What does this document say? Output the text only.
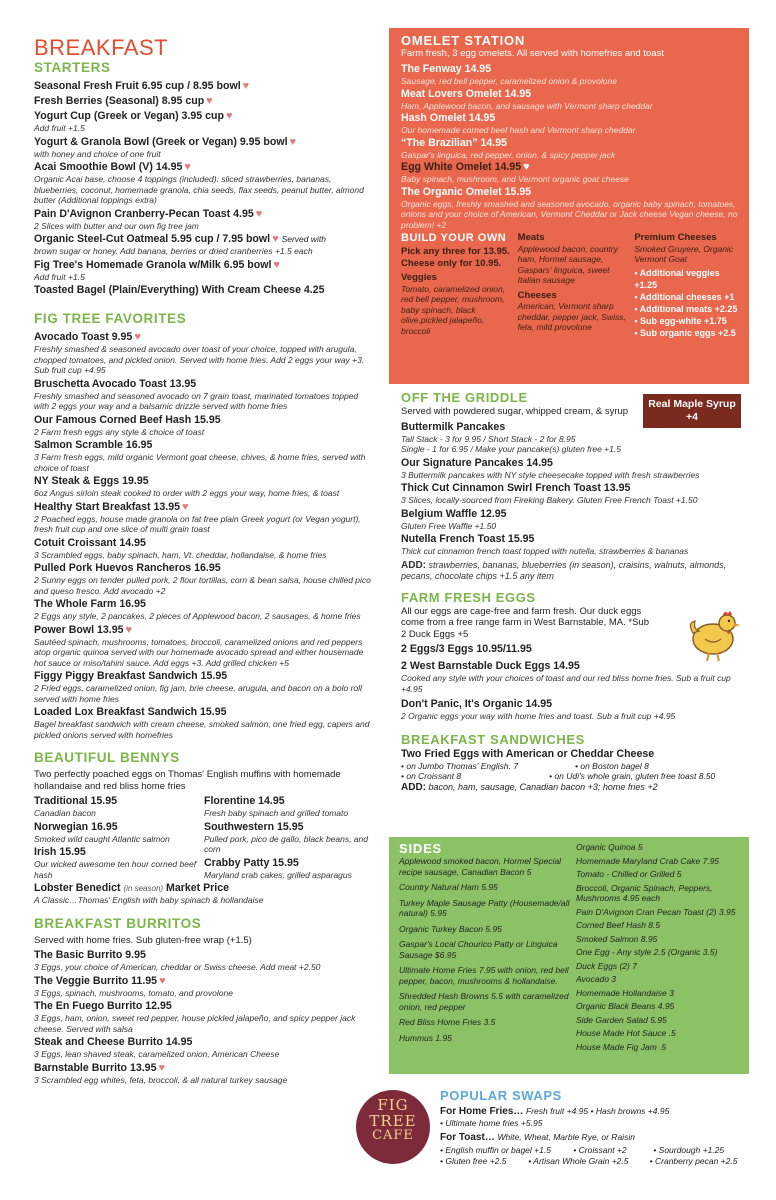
BREAKFAST
STARTERS
Seasonal Fresh Fruit 6.95 cup / 8.95 bowl♥
Fresh Berries (Seasonal) 8.95 cup♥
Yogurt Cup (Greek or Vegan) 3.95 cup♥
Add fruit +1.5
Yogurt & Granola Bowl (Greek or Vegan) 9.95 bowl♥
with honey and choice of one fruit
Acai Smoothie Bowl (V) 14.95♥
Organic Acai base, choose 4 toppings (included): sliced strawberries, bananas, blueberries, coconut, homemade granola, chia seeds, flax seeds, peanut butter, almond butter (Additional toppings extra)
Pain D'Avignon Cranberry-Pecan Toast 4.95♥
2 Slices with butter and our own fig tree jam
Organic Steel-Cut Oatmeal 5.95 cup / 7.95 bowl♥ Served with
brown sugar or honey. Add banana, berries or dried cranberries +1.5 each
Fig Tree's Homemade Granola w/Milk 6.95 bowl♥
Add fruit +1.5
Toasted Bagel (Plain/Everything) With Cream Cheese 4.25
FIG TREE FAVORITES
Avocado Toast 9.95♥
Freshly smashed & seasoned avocado over toast of your choice, topped with arugula, chopped tomatoes, and pickled onion. Served with home fries. Add 2 eggs your way +3. Sub fruit cup +4.95
Bruschetta Avocado Toast 13.95
Freshly smashed and seasoned avocado on 7 grain toast, marinated tomatoes topped with 2 eggs your way and a balsamic drizzle served with home fries
Our Famous Corned Beef Hash 15.95
2 Farm fresh eggs any style & choice of toast
Salmon Scramble 16.95
3 Farm fresh eggs, mild organic Vermont goat cheese, chives, & home fries, served with choice of toast
NY Steak & Eggs 19.95
6oz Angus sirloin steak cooked to order with 2 eggs your way, home fries, & toast
Healthy Start Breakfast 13.95♥
2 Poached eggs, house made granola on fat free plain Greek yogurt (or Vegan yogurt), fresh fruit cup and one slice of multi grain toast
Cotuit Croissant 14.95
3 Scrambled eggs, baby spinach, ham, Vt. cheddar, hollandaise, & home fries
Pulled Pork Huevos Rancheros 16.95
2 Sunny eggs on tender pulled pork, 2 flour tortillas, corn & bean salsa, house chilled pico and queso fresco. Add avocado +2
The Whole Farm 16.95
2 Eggs any style, 2 pancakes, 2 pieces of Applewood bacon, 2 sausages, & home fries
Power Bowl 13.95♥
Sautéed spinach, mushrooms, tomatoes, broccoli, caramelized onions and red peppers atop organic quinoa served with our homemade avocado spread and either housemade hot sauce or miso/tahini sauce. Add eggs +3. Add grilled chicken +5
Figgy Piggy Breakfast Sandwich 15.95
2 Fried eggs, caramelized onion, fig jam, brie cheese, arugula, and bacon on a bolo roll served with home fries
Loaded Lox Breakfast Sandwich 15.95
Bagel breakfast sandwich with cream cheese, smoked salmon, one fried egg, capers and pickled onions served with homefries
BEAUTIFUL BENNYS
Two perfectly poached eggs on Thomas' English muffins with homemade hollandaise and red bliss home fries
Traditional 15.95
Canadian bacon
Norwegian 16.95
Smoked wild caught Atlantic salmon
Irish 15.95
Our wicked awesome ten hour corned beef hash
Florentine 14.95
Fresh baby spinach and grilled tomato
Southwestern 15.95
Pulled pork, pico de gallo, black beans, and corn
Crabby Patty 15.95
Maryland crab cakes, grilled asparagus
Lobster Benedict (in season) Market Price
A Classic…Thomas' English with baby spinach & hollandaise
BREAKFAST BURRITOS
Served with home fries. Sub gluten-free wrap (+1.5)
The Basic Burrito 9.95
3 Eggs, your choice of American, cheddar or Swiss cheese. Add meat +2.50
The Veggie Burrito 11.95♥
3 Eggs, spinach, mushrooms, tomato, and provolone
The En Fuego Burrito 12.95
3 Eggs, ham, onion, sweet red pepper, house pickled jalapeño, and spicy pepper jack cheese. Served with salsa
Steak and Cheese Burrito 14.95
3 Eggs, lean shaved steak, caramelized onion, American Cheese
Barnstable Burrito 13.95♥
3 Scrambled egg whites, feta, broccoli, & all natural turkey sausage
OMELET STATION
Farm fresh, 3 egg omelets. All served with homefries and toast
The Fenway 14.95
Sausage, red bell pepper, caramelized onion & provolone
Meat Lovers Omelet 14.95
Ham, Applewood bacon, and sausage with Vermont sharp cheddar
Hash Omelet 14.95
Our homemade corned beef hash and Vermont sharp cheddar
“The Brazilian” 14.95
Gaspar's linguica, red pepper, onion, & spicy pepper jack
Egg White Omelet 14.95♥
Baby spinach, mushroom, and Vermont organic goat cheese
The Organic Omelet 15.95
Organic eggs, freshly smashed and seasoned avocado, organic baby spinach, tomatoes, onions and your choice of American, Vermont Cheddar or Jack cheese Vegan cheese, no problem! +2
BUILD YOUR OWN
Pick any three for 13.95. Cheese only for 10.95.
Veggies
Tomato, caramelized onion, red bell pepper, mushroom, baby spinach, black olive,pickled jalapeño, broccoli
Meats
Applewood bacon, country ham, Hormel sausage, Gaspars' linguica, sweet Italian sausage
Cheeses
American, Vermont sharp cheddar, pepper jack, Swiss, feta, mild provolone
Premium Cheeses
Smoked Gruyere, Organic Vermont Goat
• Additional veggies +1.25
• Additional cheeses +1
• Additional meats +2.25
• Sub egg-white +1.75
• Sub organic eggs +2.5
OFF THE GRIDDLE
Served with powdered sugar, whipped cream, & syrup
Real Maple Syrup +4
Buttermilk Pancakes
Tall Stack - 3 for 9.95 / Short Stack - 2 for 8.95
Single - 1 for 6.95 / Make your pancake(s) gluten free +1.5
Our Signature Pancakes 14.95
3 Buttermilk pancakes with NY style cheesecake topped with fresh strawberries
Thick Cut Cinnamon Swirl French Toast 13.95
3 Slices, locally-sourced from Fireking Bakery. Gluten Free French Toast +1.50
Belgium Waffle 12.95
Gluten Free Waffle +1.50
Nutella French Toast 15.95
Thick cut cinnamon french toast topped with nutella, strawberries & bananas
ADD: strawberries, bananas, blueberries (in season), craisins, walnuts, almonds, pecans, chocolate chips +1.5 any item
FARM FRESH EGGS
All our eggs are cage-free and farm fresh. Our duck eggs come from a free range farm in West Barnstable, MA. *Sub 2 Duck Eggs +5
2 Eggs/3 Eggs 10.95/11.95
2 West Barnstable Duck Eggs 14.95
Cooked any style with your choices of toast and our red bliss home fries. Sub a fruit cup +4.95
Don't Panic, It's Organic 14.95
2 Organic eggs your way with home fries and toast. Sub a fruit cup +4.95
BREAKFAST SANDWICHES
Two Fried Eggs with American or Cheddar Cheese
• on Jumbo Thomas' English. 7	• on Boston bagel 8
• on Croissant 8	• on Udi's whole grain, gluten free toast 8.50
ADD: bacon, ham, sausage, Canadian bacon +3; home fries +2
SIDES
Applewood smoked bacon, Hormel Special recipe sausage, Canadian Bacon 5
Country Natural Ham 5.95
Turkey Maple Sausage Patty (Housemade/all natural) 5.95
Organic Turkey Bacon 5.95
Gaspar's Local Chourico Patty or Linguica Sausage $6.95
Ultimate Home Fries 7.95 with onion, red bell pepper, bacon, mushrooms & hollandaise.
Shredded Hash Browns 5.5 with caramelized onion, red pepper
Red Bliss Home Fries 3.5
Hummus 1.95
Organic Quinoa 5
Homemade Maryland Crab Cake 7.95
Tomato - Chilled or Grilled 5
Broccoli, Organic Spinach, Peppers, Mushrooms 4.95 each
Pain D'Avignon Cran Pecan Toast (2) 3.95
Corned Beef Hash 8.5
Smoked Salmon 8.95
One Egg - Any style 2.5 (Organic 3.5)
Duck Eggs (2) 7
Avocado 3
Homemade Hollandaise 3
Organic Black Beans 4.95
Side Garden Salad 5.95
House Made Hot Sauce .5
House Made Fig Jam .5
FIG
TREE
CAFE
POPULAR SWAPS
For Home Fries… Fresh fruit +4.95 • Hash browns +4.95
• Ultimate home fries +5.95
For Toast… White, Wheat, Marble Rye, or Raisin
• English muffin or bagel +1.5	• Croissant +2	• Sourdough +1.25
• Gluten free +2.5	• Artisan Whole Grain +2.5	• Cranberry pecan +2.5
